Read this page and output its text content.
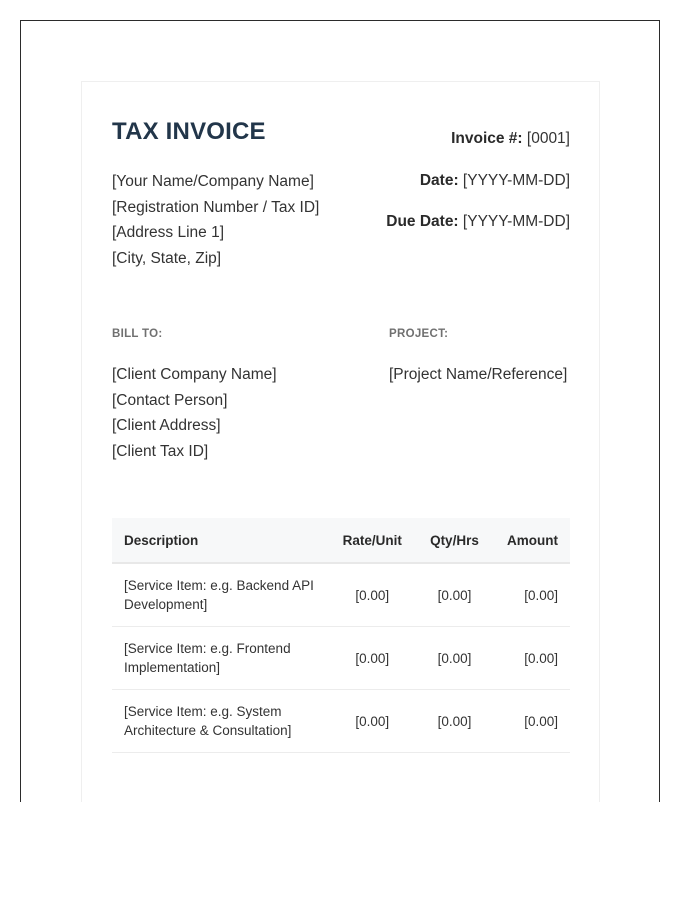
TAX INVOICE
[Your Name/Company Name]
[Registration Number / Tax ID]
[Address Line 1]
[City, State, Zip]
Invoice #: [0001]
Date: [YYYY-MM-DD]
Due Date: [YYYY-MM-DD]
BILL TO:	PROJECT:
[Client Company Name]
[Contact Person]
[Client Address]
[Client Tax ID]
[Project Name/Reference]
Description	Rate/Unit	Qty/Hrs	Amount
[Service Item: e.g. Backend API Development]	[0.00]	[0.00]	[0.00]
[Service Item: e.g. Frontend Implementation]	[0.00]	[0.00]	[0.00]
[Service Item: e.g. System Architecture & Consultation]	[0.00]	[0.00]	[0.00]
